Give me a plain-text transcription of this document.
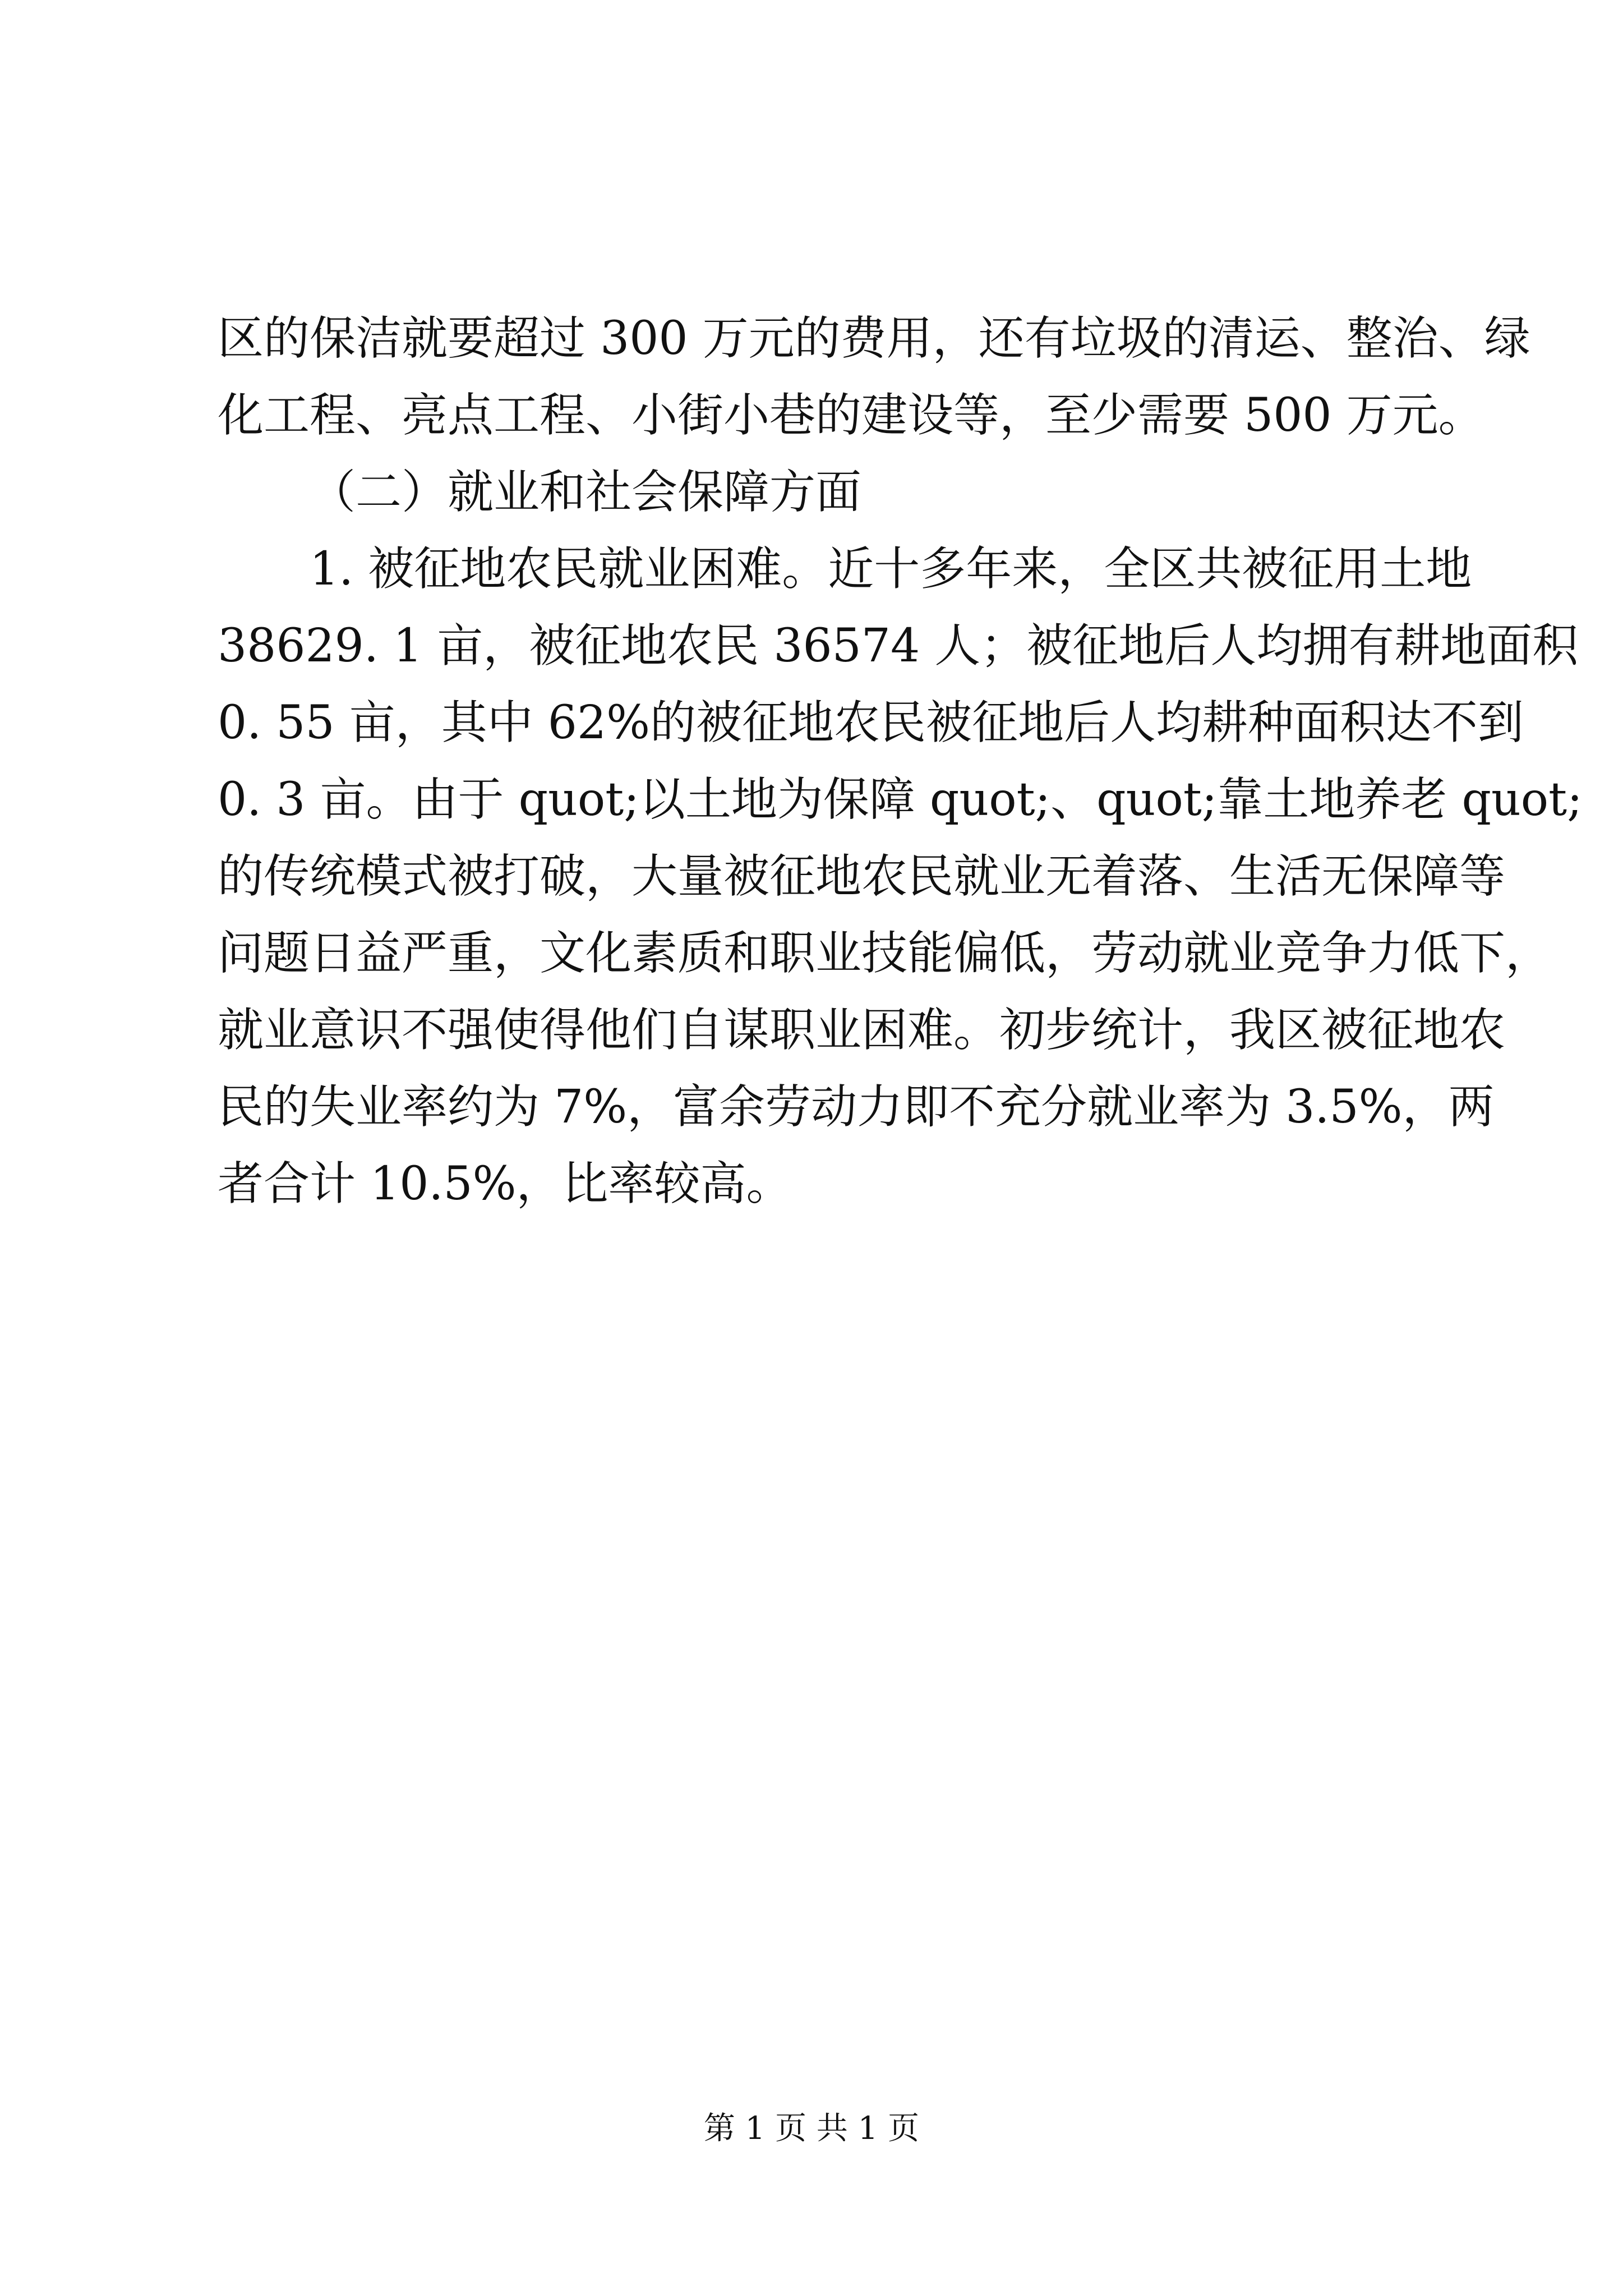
区的保洁就要超过 300 万元的费用，还有垃圾的清运、整治、绿
化工程、亮点工程、小街小巷的建设等，至少需要 500 万元。
（二）就业和社会保障方面
1. 被征地农民就业困难。近十多年来，全区共被征用土地
38629. 1 亩，被征地农民 36574 人；被征地后人均拥有耕地面积
0. 55 亩，其中 62%的被征地农民被征地后人均耕种面积达不到
0. 3 亩。由于 quot;以土地为保障 quot;、quot;靠土地养老 quot;
的传统模式被打破，大量被征地农民就业无着落、生活无保障等
问题日益严重，文化素质和职业技能偏低，劳动就业竞争力低下，
就业意识不强使得他们自谋职业困难。初步统计，我区被征地农
民的失业率约为 7%，富余劳动力即不充分就业率为 3.5%，两
者合计 10.5%，比率较高。
第 1 页 共 1 页
